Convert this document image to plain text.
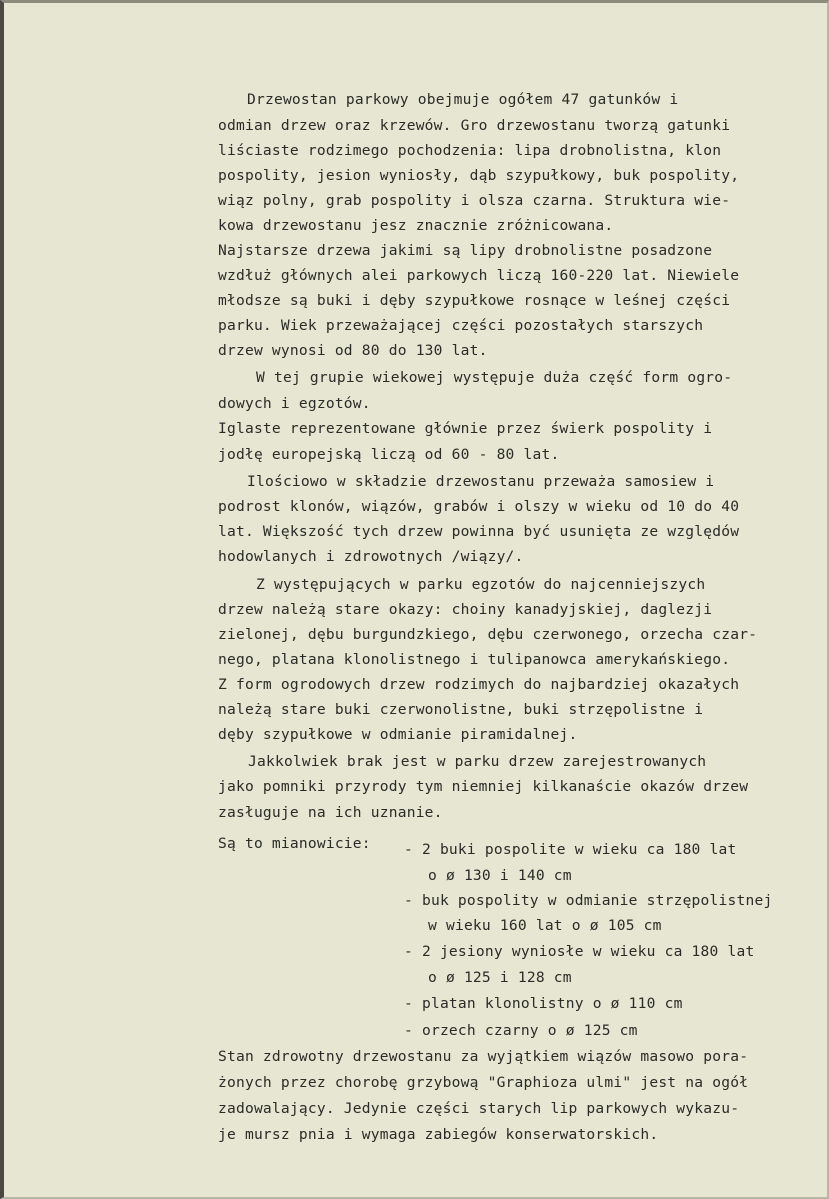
Drzewostan parkowy obejmuje ogółem 47 gatunków i

odmian drzew oraz krzewów. Gro drzewostanu tworzą gatunki

liściaste rodzimego pochodzenia: lipa drobnolistna, klon

pospolity, jesion wyniosły, dąb szypułkowy, buk pospolity,

wiąz polny, grab pospolity i olsza czarna. Struktura wie-

kowa drzewostanu jesz znacznie zróżnicowana.

Najstarsze drzewa jakimi są lipy drobnolistne posadzone

wzdłuż głównych alei parkowych liczą 160-220 lat. Niewiele

młodsze są buki i dęby szypułkowe rosnące w leśnej części

parku. Wiek przeważającej części pozostałych starszych

drzew wynosi od 80 do 130 lat.

W tej grupie wiekowej występuje duża część form ogro-

dowych i egzotów.

Iglaste reprezentowane głównie przez świerk pospolity i

jodłę europejską liczą od 60 - 80 lat.

Ilościowo w składzie drzewostanu przeważa samosiew i

podrost klonów, wiązów, grabów i olszy w wieku od 10 do 40

lat. Większość tych drzew powinna być usunięta ze względów

hodowlanych i zdrowotnych /wiązy/.

Z występujących w parku egzotów do najcenniejszych

drzew należą stare okazy: choiny kanadyjskiej, daglezji

zielonej, dębu burgundzkiego, dębu czerwonego, orzecha czar-

nego, platana klonolistnego i tulipanowca amerykańskiego.

Z form ogrodowych drzew rodzimych do najbardziej okazałych

należą stare buki czerwonolistne, buki strzępolistne i

dęby szypułkowe w odmianie piramidalnej.

Jakkolwiek brak jest w parku drzew zarejestrowanych

jako pomniki przyrody tym niemniej kilkanaście okazów drzew

zasługuje na ich uznanie.

Są to mianowicie:

- 2 buki pospolite w wieku ca 180 lat

o ø 130 i 140 cm

- buk pospolity w odmianie strzępolistnej

w wieku 160 lat o ø 105 cm

- 2 jesiony wyniosłe w wieku ca 180 lat

o ø 125 i 128 cm

- platan klonolistny o ø 110 cm

- orzech czarny o ø 125 cm

Stan zdrowotny drzewostanu za wyjątkiem wiązów masowo pora-

żonych przez chorobę grzybową "Graphioza ulmi" jest na ogół

zadowalający. Jedynie części starych lip parkowych wykazu-

je mursz pnia i wymaga zabiegów konserwatorskich.
